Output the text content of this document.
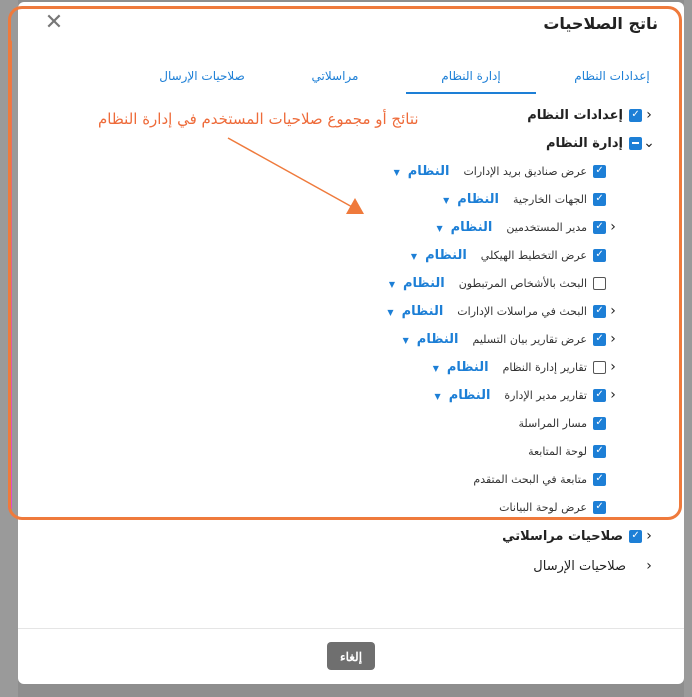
✕	ناتج الصلاحيات
إعدادات النظام
إدارة النظام
مراسلاتي
صلاحيات الإرسال
نتائج أو مجموع صلاحيات المستخدم في إدارة النظام	‹
✓
إعدادات النظام
⌄
إدارة النظام
✓
عرض صناديق بريد الإدارات
النظام▼
✓
الجهات الخارجية
النظام▼
‹
✓
مدير المستخدمين
النظام▼
✓
عرض التخطيط الهيكلي
النظام▼
البحث بالأشخاص المرتبطون
النظام▼
‹
✓
البحث في مراسلات الإدارات
النظام▼
‹
✓
عرض تقارير بيان التسليم
النظام▼
‹
تقارير إدارة النظام
النظام▼
‹
✓
تقارير مدير الإدارة
النظام▼
✓
مسار المراسلة
✓
لوحة المتابعة
✓
متابعة في البحث المتقدم
✓
عرض لوحة البيانات
‹
✓
صلاحيات مراسلاتي
‹
صلاحيات الإرسال
إلغاء
